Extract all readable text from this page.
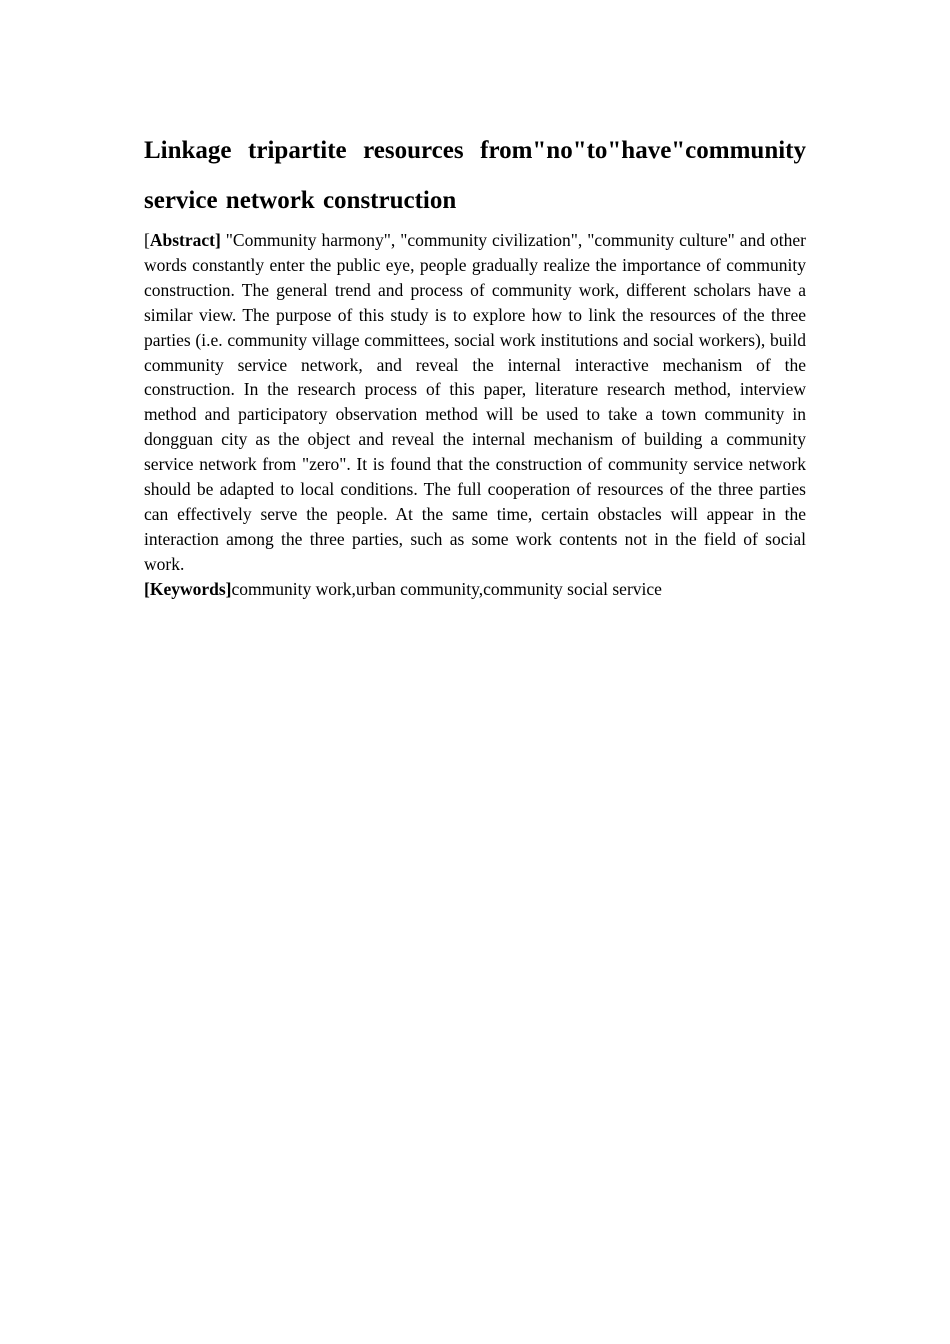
Linkage tripartite resources from"no"to"have"community service network construction

[Abstract] "Community harmony", "community civilization", "community culture" and other words constantly enter the public eye, people gradually realize the importance of community construction. The general trend and process of community work, different scholars have a similar view. The purpose of this study is to explore how to link the resources of the three parties (i.e. community village committees, social work institutions and social workers), build community service network, and reveal the internal interactive mechanism of the construction. In the research process of this paper, literature research method, interview method and participatory observation method will be used to take a town community in dongguan city as the object and reveal the internal mechanism of building a community service network from "zero". It is found that the construction of community service network should be adapted to local conditions. The full cooperation of resources of the three parties can effectively serve the people. At the same time, certain obstacles will appear in the interaction among the three parties, such as some work contents not in the field of social work.

[Keywords]community work,urban community,community social service
